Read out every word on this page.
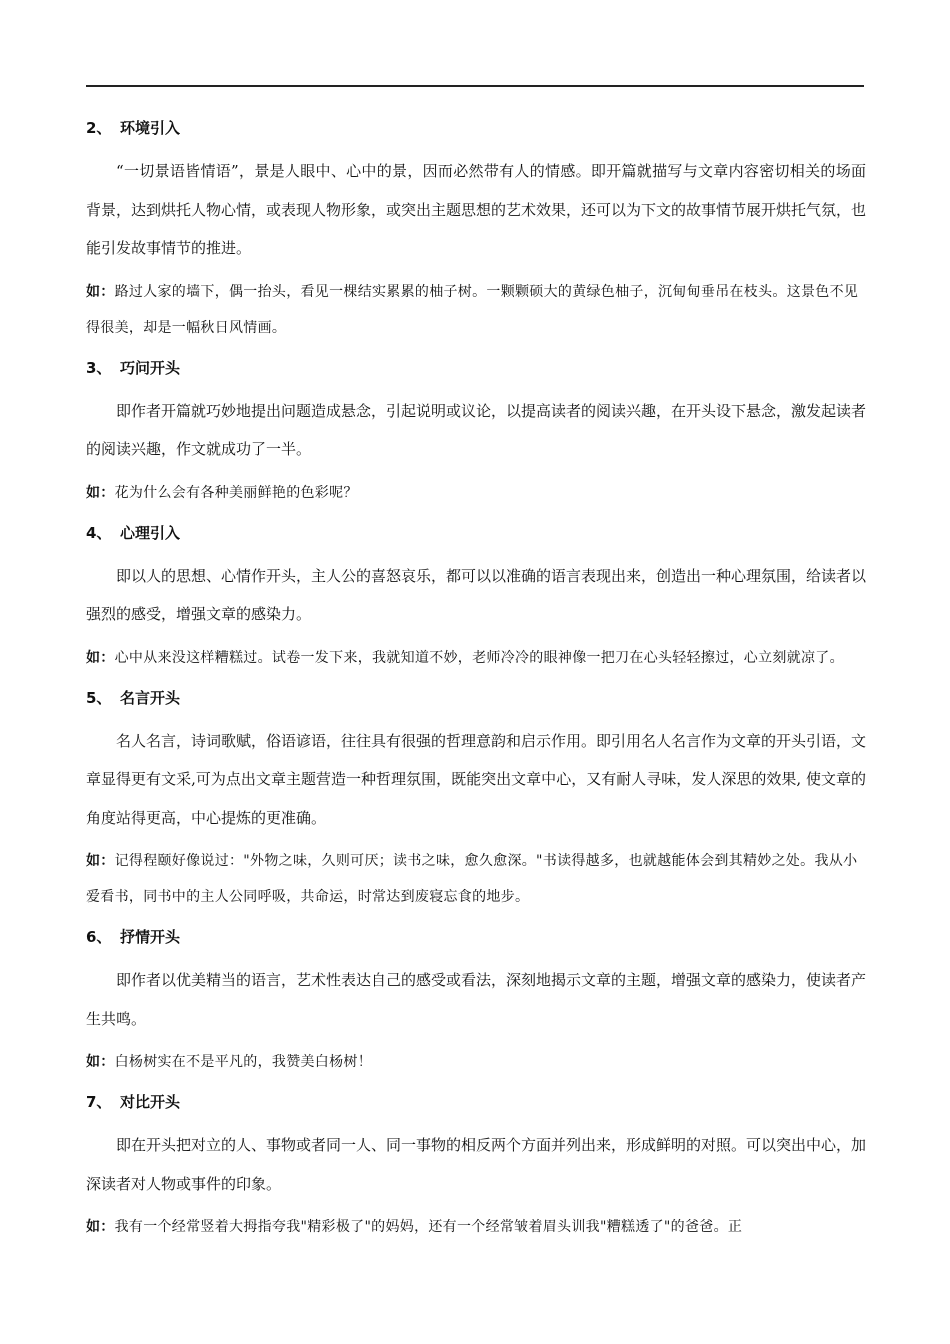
2、 环境引入

“一切景语皆情语”，景是人眼中、心中的景，因而必然带有人的情感。即开篇就描写与文章内容密切相关的场面背景，达到烘托人物心情，或表现人物形象，或突出主题思想的艺术效果，还可以为下文的故事情节展开烘托气氛，也能引发故事情节的推进。

如：路过人家的墙下，偶一抬头，看见一棵结实累累的柚子树。一颗颗硕大的黄绿色柚子，沉甸甸垂吊在枝头。这景色不见得很美，却是一幅秋日风情画。

3、 巧问开头

即作者开篇就巧妙地提出问题造成悬念，引起说明或议论，以提高读者的阅读兴趣，在开头设下悬念，激发起读者的阅读兴趣，作文就成功了一半。

如：花为什么会有各种美丽鲜艳的色彩呢？

4、 心理引入

即以人的思想、心情作开头，主人公的喜怒哀乐，都可以以准确的语言表现出来，创造出一种心理氛围，给读者以强烈的感受，增强文章的感染力。

如：心中从来没这样糟糕过。试卷一发下来，我就知道不妙，老师冷冷的眼神像一把刀在心头轻轻擦过，心立刻就凉了。

5、 名言开头

名人名言，诗词歌赋，俗语谚语，往往具有很强的哲理意韵和启示作用。即引用名人名言作为文章的开头引语，文章显得更有文采,可为点出文章主题营造一种哲理氛围，既能突出文章中心，又有耐人寻味，发人深思的效果, 使文章的角度站得更高，中心提炼的更准确。

如：记得程颐好像说过："外物之味，久则可厌；读书之味，愈久愈深。"书读得越多，也就越能体会到其精妙之处。我从小爱看书，同书中的主人公同呼吸，共命运，时常达到废寝忘食的地步。

6、 抒情开头

即作者以优美精当的语言，艺术性表达自己的感受或看法，深刻地揭示文章的主题，增强文章的感染力，使读者产生共鸣。

如：白杨树实在不是平凡的，我赞美白杨树！

7、 对比开头

即在开头把对立的人、事物或者同一人、同一事物的相反两个方面并列出来，形成鲜明的对照。可以突出中心，加深读者对人物或事件的印象。

如：我有一个经常竖着大拇指夸我"精彩极了"的妈妈，还有一个经常皱着眉头训我"糟糕透了"的爸爸。正
